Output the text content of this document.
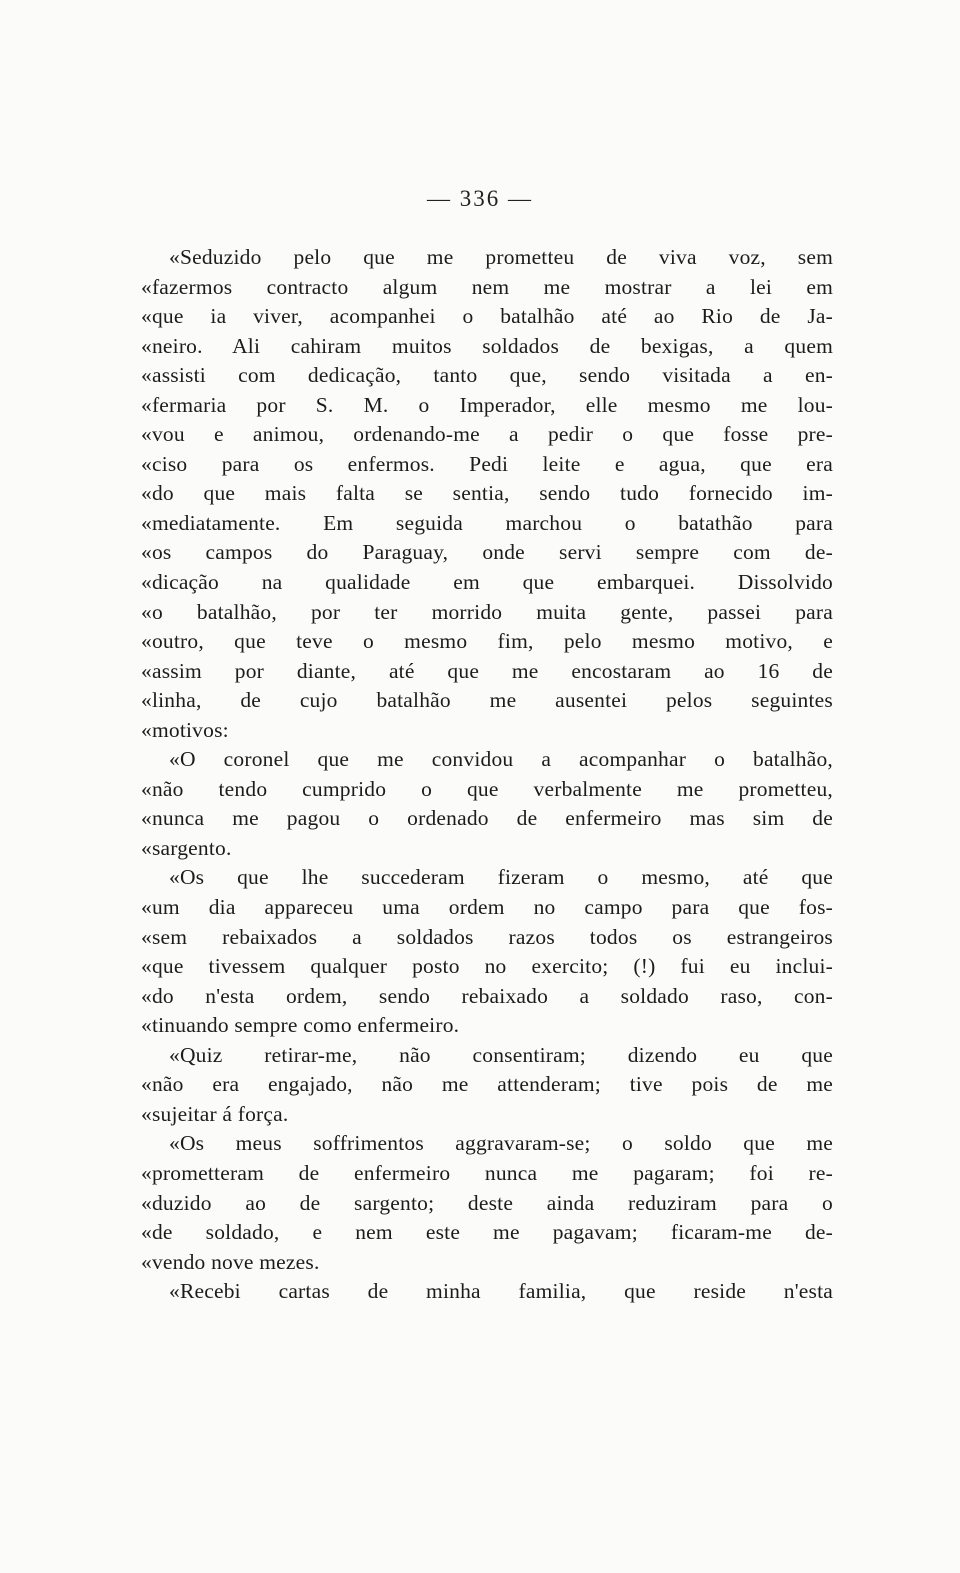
— 336 —
«Seduzido pelo que me prometteu de viva voz, sem
«fazermos contracto algum nem me mostrar a lei em
«que ia viver, acompanhei o batalhão até ao Rio de Ja-
«neiro. Ali cahiram muitos soldados de bexigas, a quem
«assisti com dedicação, tanto que, sendo visitada a en-
«fermaria por S. M. o Imperador, elle mesmo me lou-
«vou e animou, ordenando-me a pedir o que fosse pre-
«ciso para os enfermos. Pedi leite e agua, que era
«do que mais falta se sentia, sendo tudo fornecido im-
«mediatamente. Em seguida marchou o batathão para
«os campos do Paraguay, onde servi sempre com de-
«dicação na qualidade em que embarquei. Dissolvido
«o batalhão, por ter morrido muita gente, passei para
«outro, que teve o mesmo fim, pelo mesmo motivo, e
«assim por diante, até que me encostaram ao 16 de
«linha, de cujo batalhão me ausentei pelos seguintes
«motivos:
«O coronel que me convidou a acompanhar o batalhão,
«não tendo cumprido o que verbalmente me prometteu,
«nunca me pagou o ordenado de enfermeiro mas sim de
«sargento.
«Os que lhe succederam fizeram o mesmo, até que
«um dia appareceu uma ordem no campo para que fos-
«sem rebaixados a soldados razos todos os estrangeiros
«que tivessem qualquer posto no exercito; (!) fui eu inclui-
«do n'esta ordem, sendo rebaixado a soldado raso, con-
«tinuando sempre como enfermeiro.
«Quiz retirar-me, não consentiram; dizendo eu que
«não era engajado, não me attenderam; tive pois de me
«sujeitar á força.
«Os meus soffrimentos aggravaram-se; o soldo que me
«prometteram de enfermeiro nunca me pagaram; foi re-
«duzido ao de sargento; deste ainda reduziram para o
«de soldado, e nem este me pagavam; ficaram-me de-
«vendo nove mezes.
«Recebi cartas de minha familia, que reside n'esta
